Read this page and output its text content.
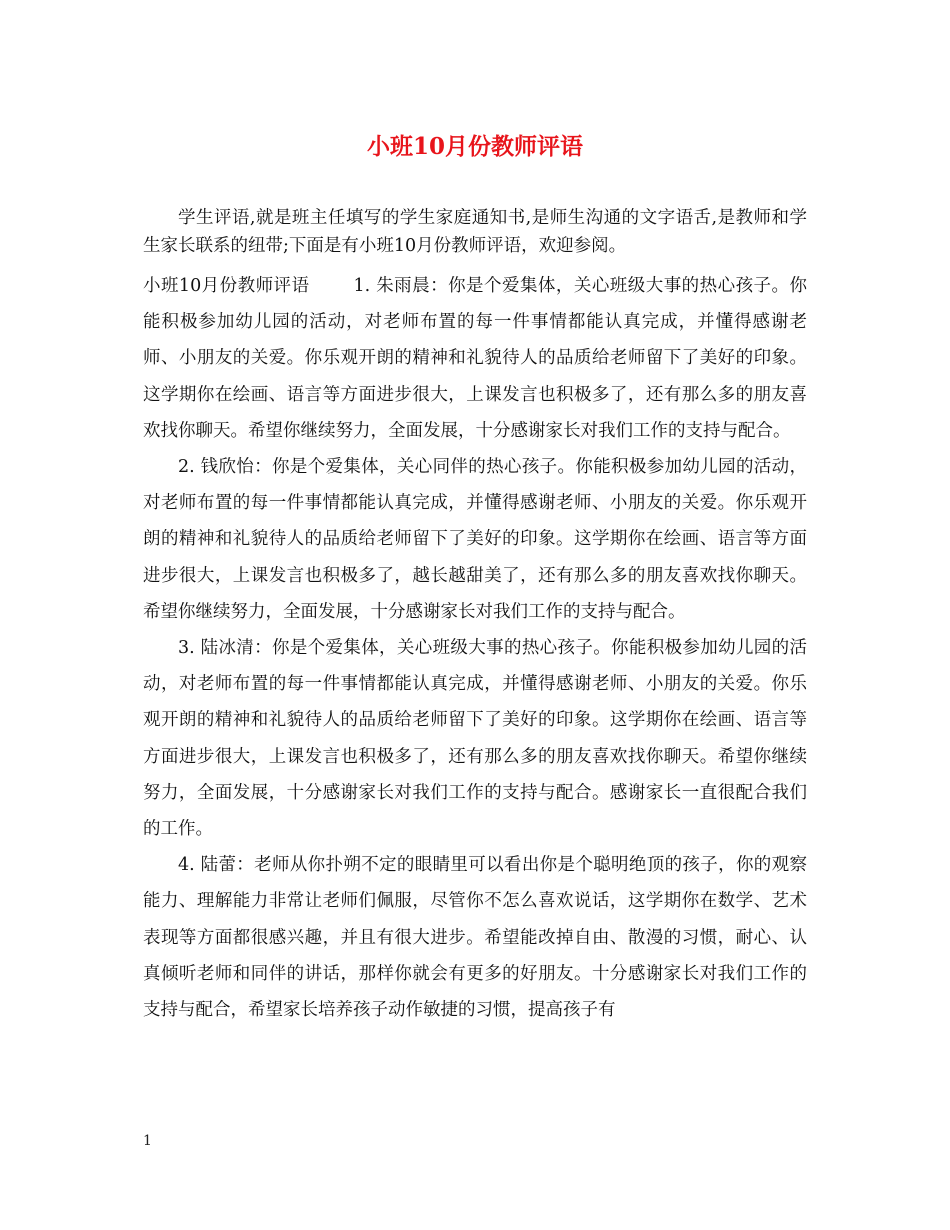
小班10月份教师评语

学生评语,就是班主任填写的学生家庭通知书,是师生沟通的文字语舌,是教师和学生家长联系的纽带;下面是有小班10月份教师评语，欢迎参阅。

小班10月份教师评语	1. 朱雨晨：你是个爱集体，关心班级大事的热心孩子。你能积极参加幼儿园的活动，对老师布置的每一件事情都能认真完成，并懂得感谢老师、小朋友的关爱。你乐观开朗的精神和礼貌待人的品质给老师留下了美好的印象。这学期你在绘画、语言等方面进步很大，上课发言也积极多了，还有那么多的朋友喜欢找你聊天。希望你继续努力，全面发展，十分感谢家长对我们工作的支持与配合。

2. 钱欣怡：你是个爱集体，关心同伴的热心孩子。你能积极参加幼儿园的活动，对老师布置的每一件事情都能认真完成，并懂得感谢老师、小朋友的关爱。你乐观开朗的精神和礼貌待人的品质给老师留下了美好的印象。这学期你在绘画、语言等方面进步很大，上课发言也积极多了，越长越甜美了，还有那么多的朋友喜欢找你聊天。希望你继续努力，全面发展，十分感谢家长对我们工作的支持与配合。

3. 陆冰清：你是个爱集体，关心班级大事的热心孩子。你能积极参加幼儿园的活动，对老师布置的每一件事情都能认真完成，并懂得感谢老师、小朋友的关爱。你乐观开朗的精神和礼貌待人的品质给老师留下了美好的印象。这学期你在绘画、语言等方面进步很大，上课发言也积极多了，还有那么多的朋友喜欢找你聊天。希望你继续努力，全面发展，十分感谢家长对我们工作的支持与配合。感谢家长一直很配合我们的工作。

4. 陆蕾：老师从你扑朔不定的眼睛里可以看出你是个聪明绝顶的孩子，你的观察能力、理解能力非常让老师们佩服，尽管你不怎么喜欢说话，这学期你在数学、艺术表现等方面都很感兴趣，并且有很大进步。希望能改掉自由、散漫的习惯，耐心、认真倾听老师和同伴的讲话，那样你就会有更多的好朋友。十分感谢家长对我们工作的支持与配合，希望家长培养孩子动作敏捷的习惯，提高孩子有

1
